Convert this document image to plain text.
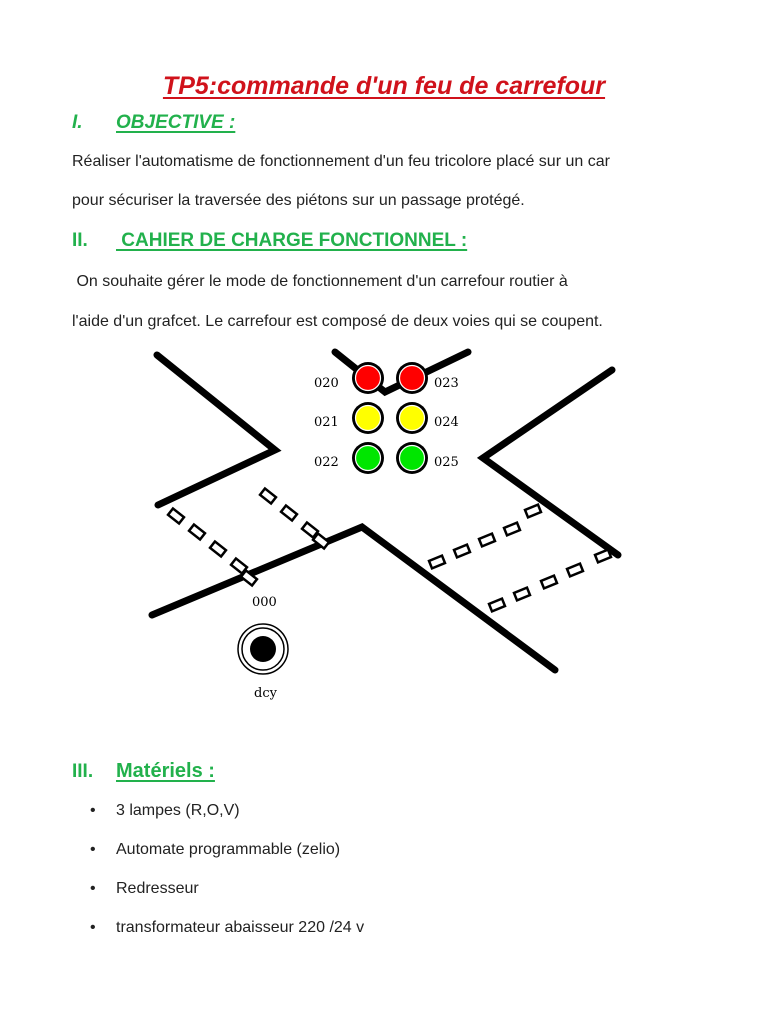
TP5:commande d'un feu de carrefour
I. OBJECTIVE :
Réaliser l'automatisme de fonctionnement d'un feu tricolore placé sur un car
pour sécuriser la traversée des piétons sur un passage protégé.
II. CAHIER DE CHARGE FONCTIONNEL :
On souhaite gérer le mode de fonctionnement d'un carrefour routier à
l'aide d'un grafcet. Le carrefour est composé de deux voies qui se coupent.
020
021
022
023
024
025
000
dcy
III. Matériels :
• 3 lampes (R,O,V)
• Automate programmable (zelio)
• Redresseur
• transformateur abaisseur 220 /24 v
